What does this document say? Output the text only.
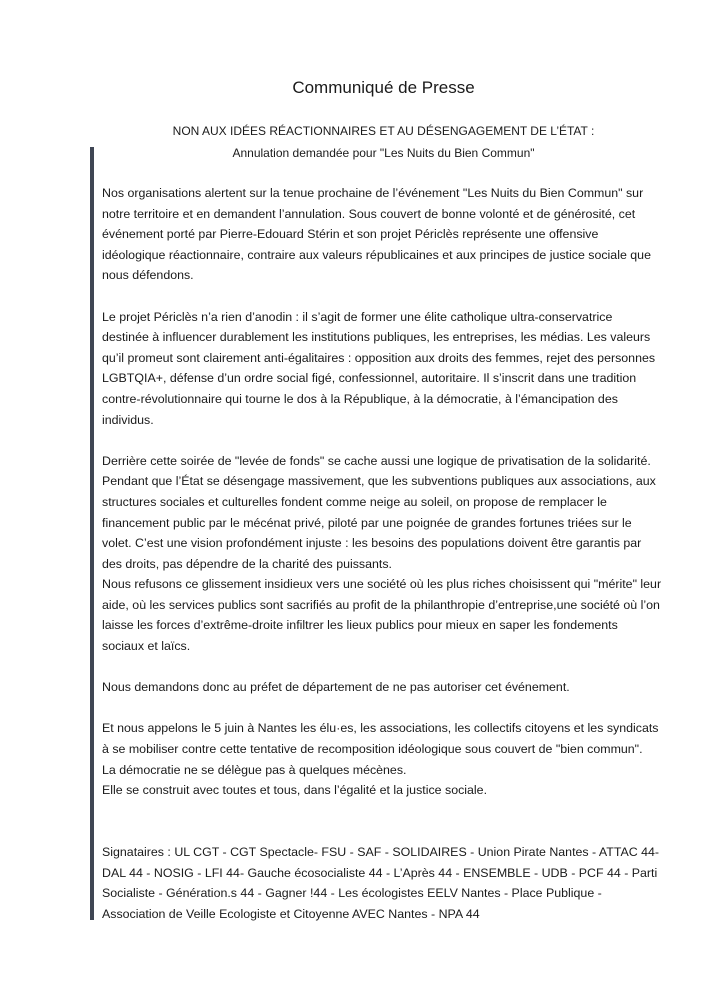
Communiqué de Presse
NON AUX IDÉES RÉACTIONNAIRES ET AU DÉSENGAGEMENT DE L’ÉTAT :
Annulation demandée pour "Les Nuits du Bien Commun"

Nos organisations alertent sur la tenue prochaine de l’événement "Les Nuits du Bien Commun" sur notre territoire et en demandent l’annulation. Sous couvert de bonne volonté et de générosité, cet événement porté par Pierre-Edouard Stérin et son projet Périclès représente une offensive idéologique réactionnaire, contraire aux valeurs républicaines et aux principes de justice sociale que nous défendons.

Le projet Périclès n’a rien d’anodin : il s’agit de former une élite catholique ultra-conservatrice destinée à influencer durablement les institutions publiques, les entreprises, les médias. Les valeurs qu’il promeut sont clairement anti-égalitaires : opposition aux droits des femmes, rejet des personnes LGBTQIA+, défense d’un ordre social figé, confessionnel, autoritaire. Il s’inscrit dans une tradition contre-révolutionnaire qui tourne le dos à la République, à la démocratie, à l’émancipation des individus.

Derrière cette soirée de "levée de fonds" se cache aussi une logique de privatisation de la solidarité. Pendant que l’État se désengage massivement, que les subventions publiques aux associations, aux structures sociales et culturelles fondent comme neige au soleil, on propose de remplacer le financement public par le mécénat privé, piloté par une poignée de grandes fortunes triées sur le volet. C’est une vision profondément injuste : les besoins des populations doivent être garantis par des droits, pas dépendre de la charité des puissants.

Nous refusons ce glissement insidieux vers une société où les plus riches choisissent qui "mérite" leur aide, où les services publics sont sacrifiés au profit de la philanthropie d’entreprise,une société où l’on laisse les forces d’extrême-droite infiltrer les lieux publics pour mieux en saper les fondements sociaux et laïcs.

Nous demandons donc au préfet de département de ne pas autoriser cet événement.

Et nous appelons le 5 juin à Nantes les élu·es, les associations, les collectifs citoyens et les syndicats à se mobiliser contre cette tentative de recomposition idéologique sous couvert de "bien commun".

La démocratie ne se délègue pas à quelques mécènes.

Elle se construit avec toutes et tous, dans l’égalité et la justice sociale.

Signataires : UL CGT - CGT Spectacle- FSU - SAF - SOLIDAIRES - Union Pirate Nantes - ATTAC 44- DAL 44 - NOSIG - LFI 44- Gauche écosocialiste 44 - L’Après 44 - ENSEMBLE - UDB - PCF 44 - Parti Socialiste - Génération.s 44 - Gagner !44 - Les écologistes EELV Nantes - Place Publique - Association de Veille Ecologiste et Citoyenne AVEC Nantes - NPA 44
